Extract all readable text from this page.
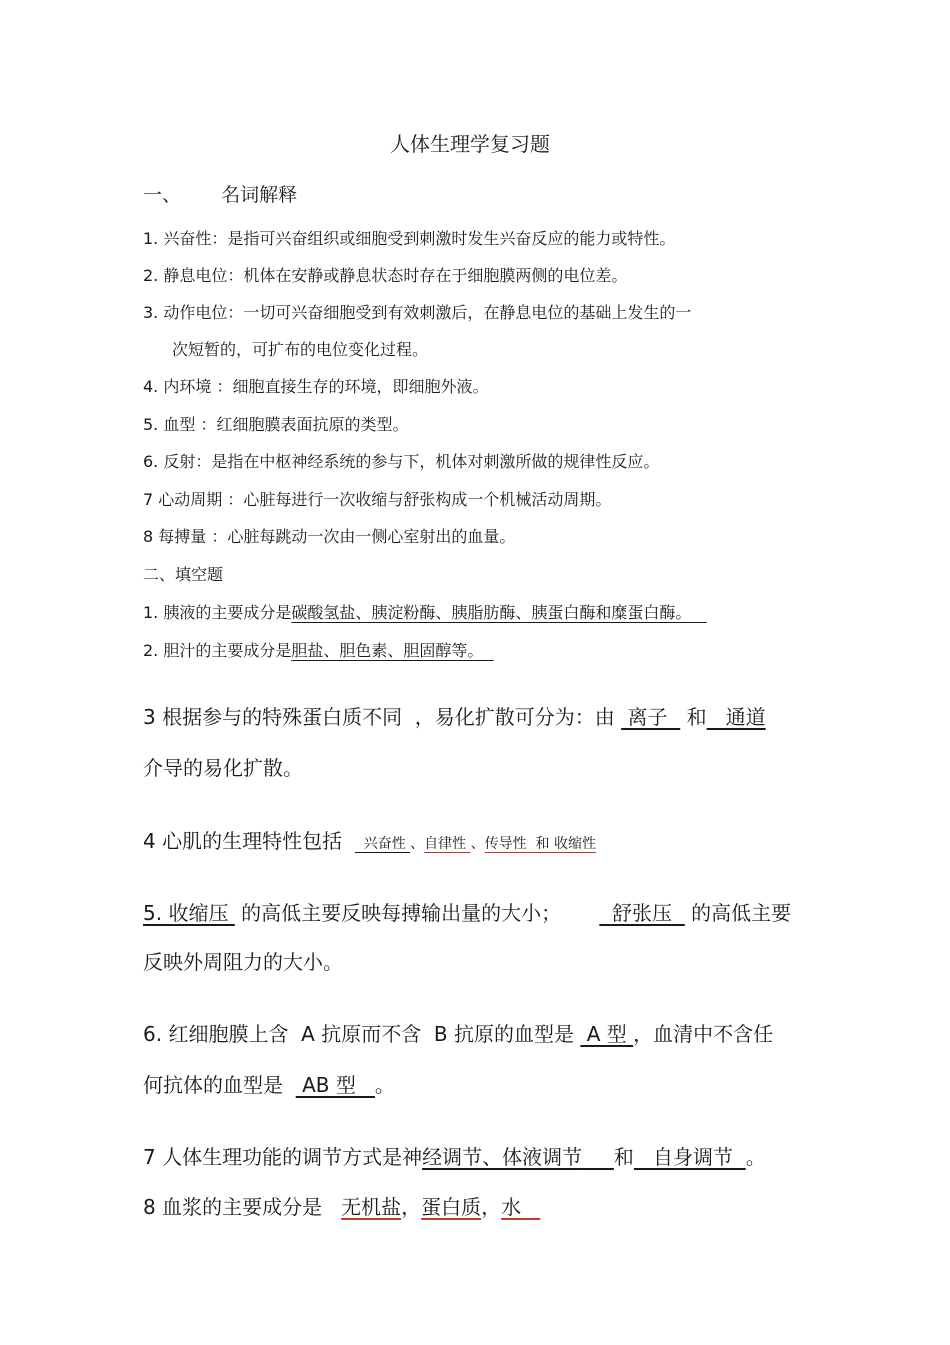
人体生理学复习题
一、 名词解释
1. 兴奋性：是指可兴奋组织或细胞受到刺激时发生兴奋反应的能力或特性。
2. 静息电位：机体在安静或静息状态时存在于细胞膜两侧的电位差。
3. 动作电位：一切可兴奋细胞受到有效刺激后，在静息电位的基础上发生的一
次短暂的，可扩布的电位变化过程。
4. 内环境 ：细胞直接生存的环境，即细胞外液。
5. 血型 ：红细胞膜表面抗原的类型。
6. 反射：是指在中枢神经系统的参与下，机体对刺激所做的规律性反应。
7 心动周期 ：心脏每进行一次收缩与舒张构成一个机械活动周期。
8 每搏量 ：心脏每跳动一次由一侧心室射出的血量。
二、填空题
1. 胰液的主要成分是碳酸氢盐、胰淀粉酶、胰脂肪酶、胰蛋白酶和糜蛋白酶。
2. 胆汁的主要成分是胆盐、胆色素、胆固醇等。
3 根据参与的特殊蛋白质不同  ，易化扩散可分为：由  离子   和   通道
介导的易化扩散。
4 心肌的生理特性包括    兴奋性 、自律性 、传导性  和 收缩性
5. 收缩压  的高低主要反映每搏输出量的大小；        舒张压   的高低主要
反映外周阻力的大小。
6. 红细胞膜上含  A 抗原而不含  B 抗原的血型是  A 型 ，血清中不含任
何抗体的血型是   AB 型   。
7 人体生理功能的调节方式是神经调节、体液调节 和   自身调节  。
8 血浆的主要成分是   无机盐，蛋白质，水
